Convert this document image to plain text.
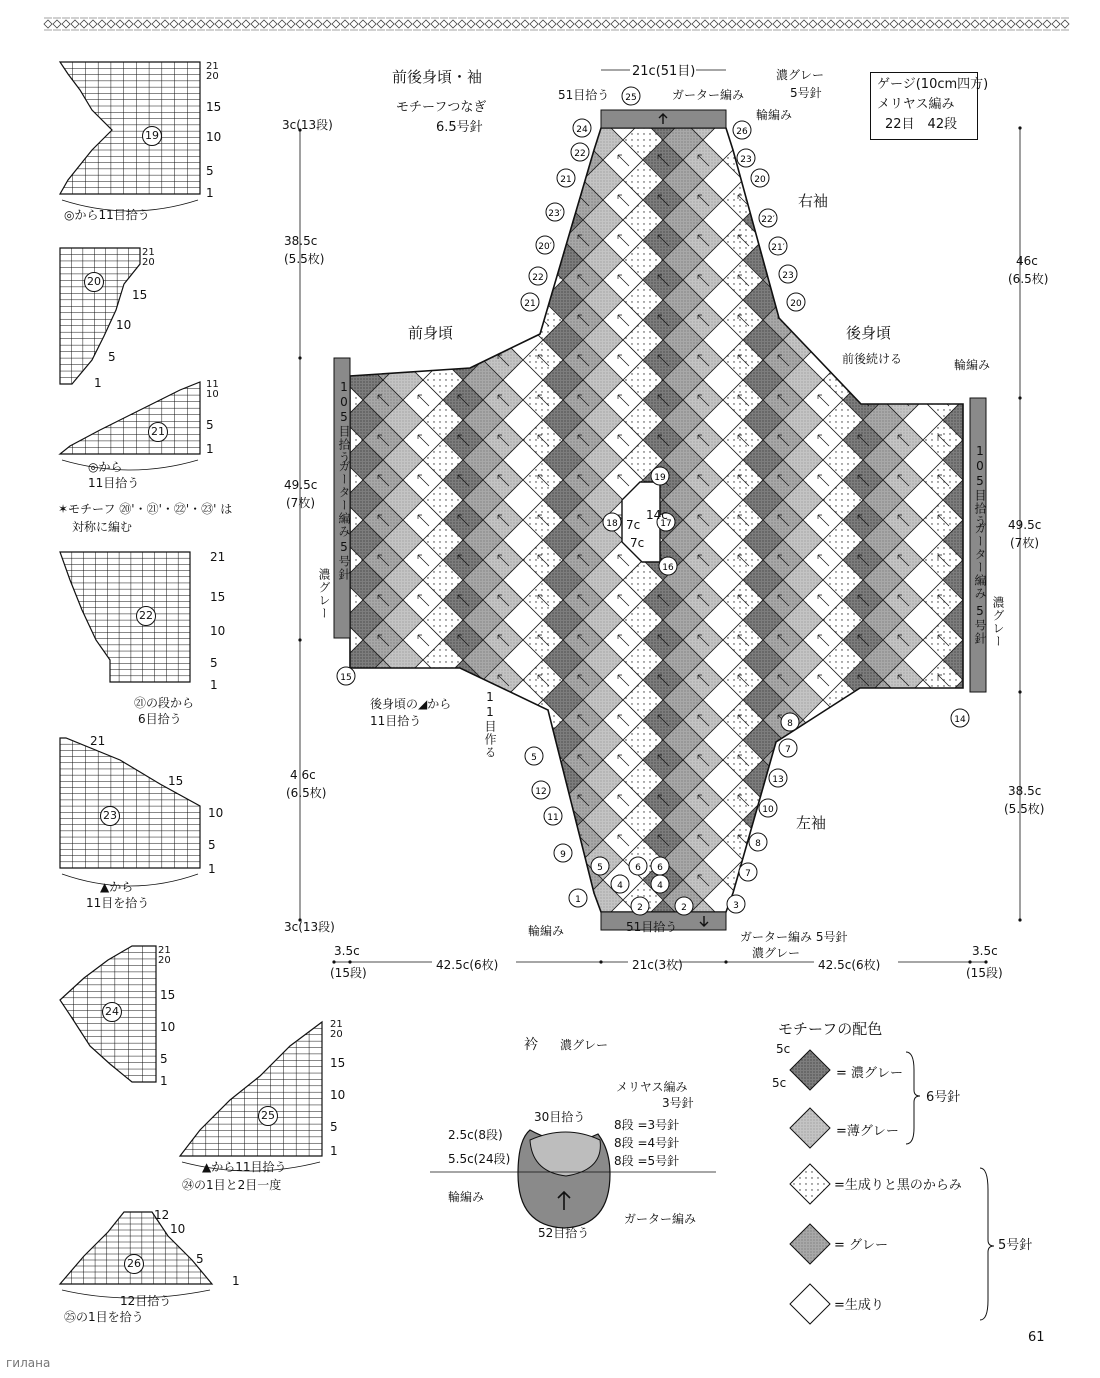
25
24	26
22
23
21	20
23′
22′
20′	21′
22	23
21	20
15
14
19
18	17
16
8
5
7
12
13
11
10
9
8
5	6 6
7
1
4	4
2	2	3
前後身頃・袖
モチーフつなぎ
6.5号針
21c(51目)
51目拾う	ガーター編み
濃グレー
5号針
輪編み
ゲージ(10cm四方)
メリヤス編み
22目　42段
右袖
左袖
前身頃	後身頃
前後続ける	輪編み
3c(13段)
38.5c
(5.5枚)
49.5c
(7枚)
4 6c
(6.5枚)
3c(13段)
46c
(6.5枚)
49.5c
(7枚)
38.5c
(5.5枚)
105目拾う
ガーター編み
5号針
濃グレー
105目拾う
ガーター編み
5号針 濃グレー
7c
14c
7c
後身頃の◢から
11目拾う	11目作る
輪編み	51目拾う
ガーター編み 5号針
濃グレー
3.5c
(15段)
42.5c(6枚)	21c(3枚)	42.5c(6枚)
3.5c
(15段)
21
20
15
10
5
1
◎から11目拾う
21
20
15
10
5
1	11
10
5
1
◎から
11目拾う
✶モチーフ ⑳'・㉑'・㉒'・㉓' は
対称に編む
21
15
10
5
1
㉑の段から
6目拾う
21
15
10
5
1
▲から
11目を拾う
21
20
15
10
5
1
21
20
15
10
5
1
▲から11目拾う
㉔の1目と2目一度
12
10
5
1
12目拾う
㉕の1目を拾う
19
20
21
22
23
24
25
26
衿 濃グレー
メリヤス編み
3号針
30目拾う
8段 =3号針
8段 =4号針
8段 =5号針
2.5c(8段)
5.5c(24段)
輪編み
ガーター編み
52目拾う
モチーフの配色
5c
5c
= 濃グレー
=薄グレー
=生成りと黒のからみ
= グレー
=生成り
6号針
5号針
61
гилана
